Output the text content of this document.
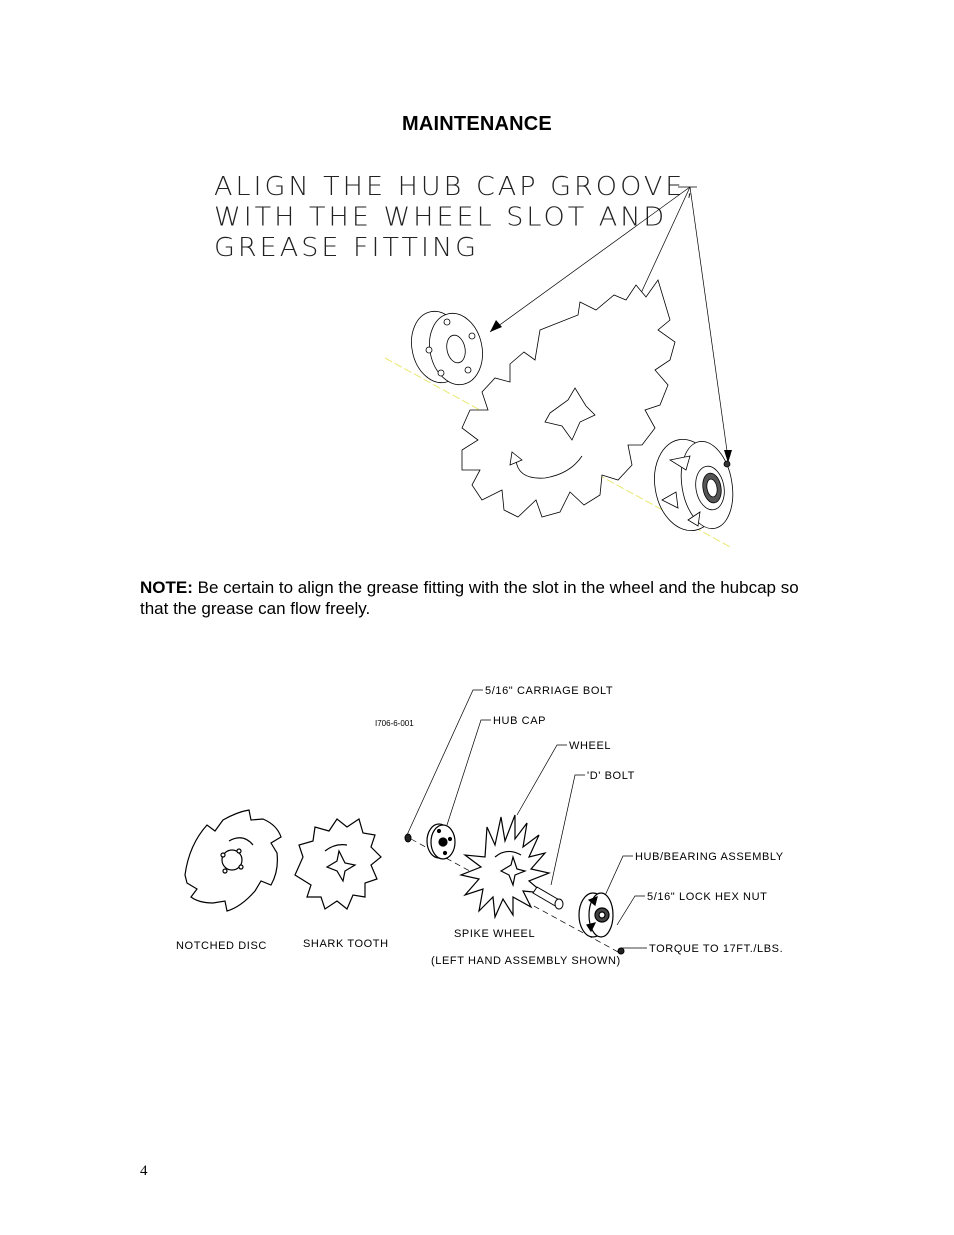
MAINTENANCE
ALIGN THE HUB CAP GROOVE,
WITH THE WHEEL SLOT AND
GREASE FITTING
NOTE: Be certain to align the grease fitting with the slot in the wheel and the hubcap so that the grease can flow freely.
I706-6-001
5/16" CARRIAGE BOLT
HUB CAP
WHEEL
'D' BOLT
HUB/BEARING ASSEMBLY
5/16" LOCK HEX NUT
TORQUE TO 17FT./LBS.
NOTCHED DISC	SHARK TOOTH
SPIKE WHEEL
(LEFT HAND ASSEMBLY SHOWN)
4
